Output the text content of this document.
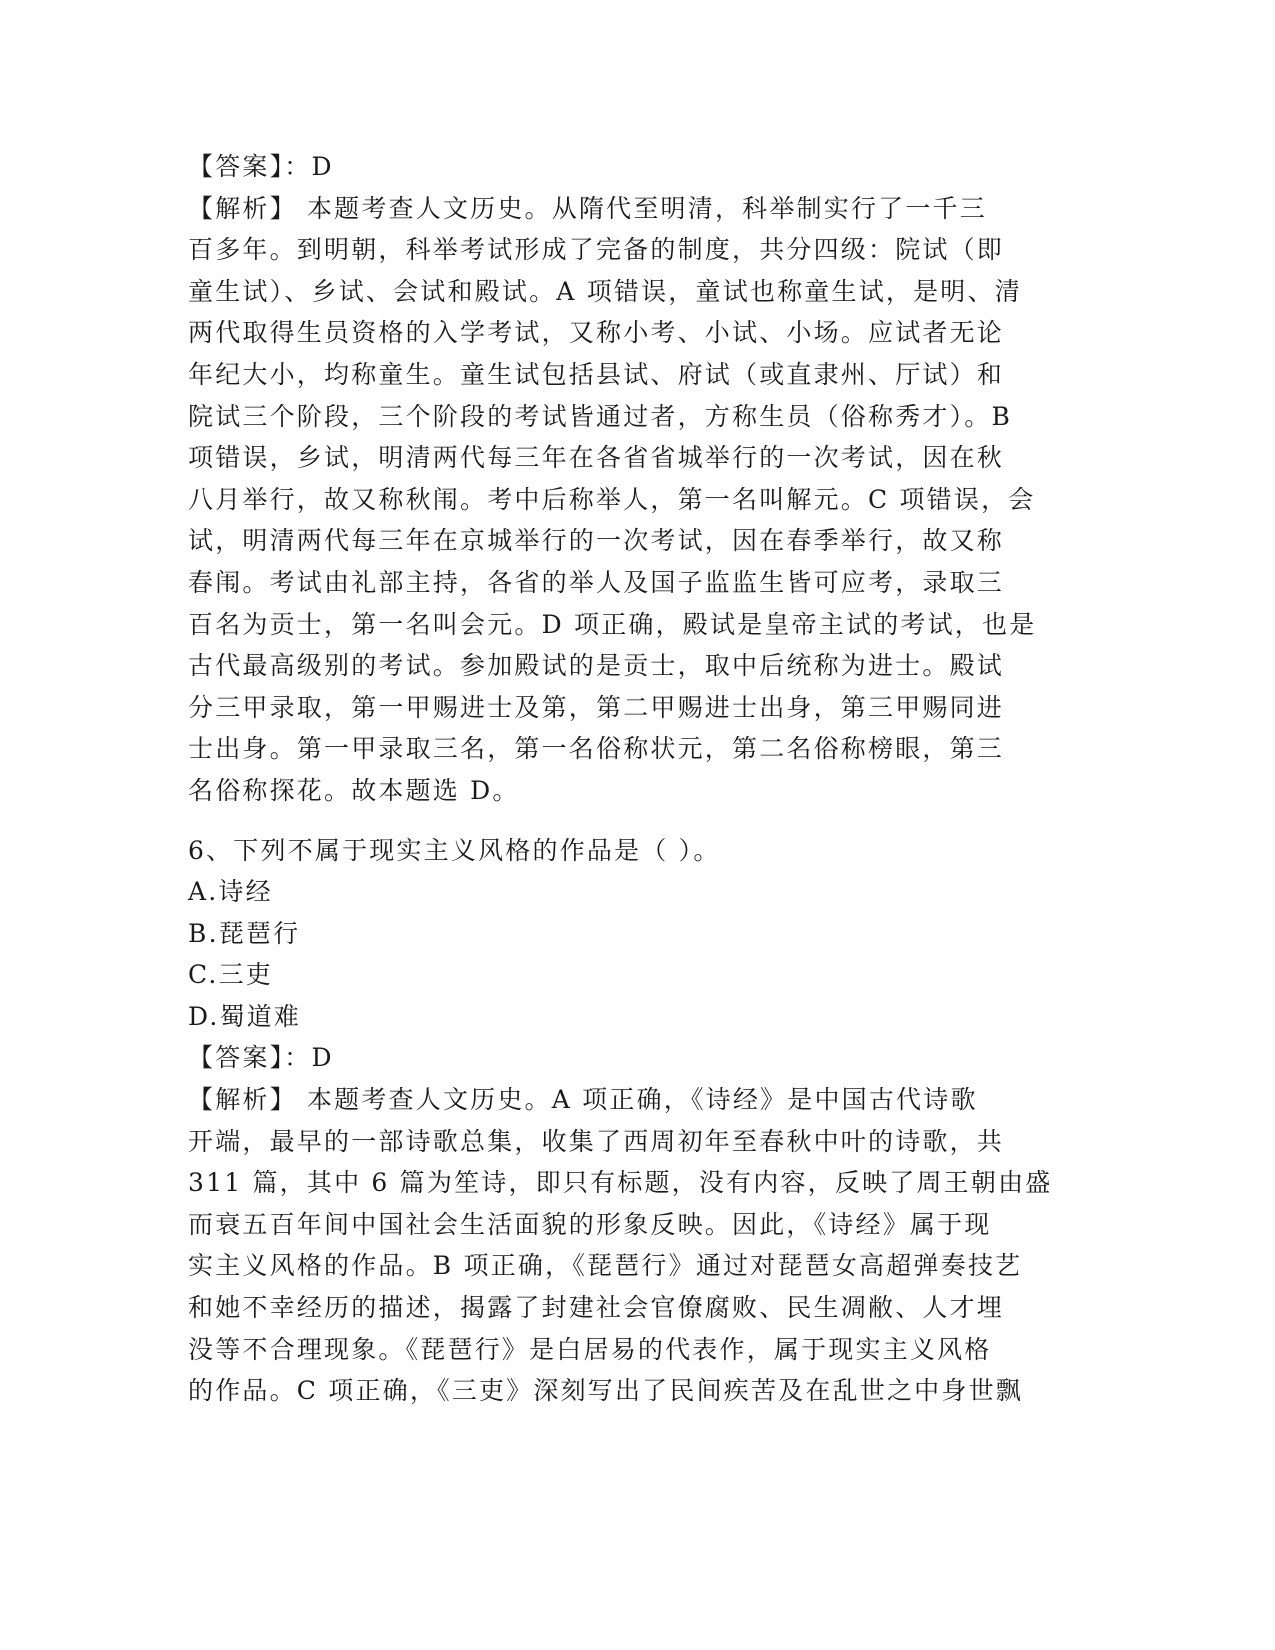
【答案】：D
【解析】 本题考查人文历史。从隋代至明清，科举制实行了一千三
百多年。到明朝，科举考试形成了完备的制度，共分四级：院试（即
童生试）、乡试、会试和殿试。A 项错误，童试也称童生试，是明、清
两代取得生员资格的入学考试，又称小考、小试、小场。应试者无论
年纪大小，均称童生。童生试包括县试、府试（或直隶州、厅试）和
院试三个阶段，三个阶段的考试皆通过者，方称生员（俗称秀才）。B
项错误，乡试，明清两代每三年在各省省城举行的一次考试，因在秋
八月举行，故又称秋闱。考中后称举人，第一名叫解元。C 项错误，会
试，明清两代每三年在京城举行的一次考试，因在春季举行，故又称
春闱。考试由礼部主持，各省的举人及国子监监生皆可应考，录取三
百名为贡士，第一名叫会元。D 项正确，殿试是皇帝主试的考试，也是
古代最高级别的考试。参加殿试的是贡士，取中后统称为进士。殿试
分三甲录取，第一甲赐进士及第，第二甲赐进士出身，第三甲赐同进
士出身。第一甲录取三名，第一名俗称状元，第二名俗称榜眼，第三
名俗称探花。故本题选 D。
6、下列不属于现实主义风格的作品是（ ）。
A.诗经
B.琵琶行
C.三吏
D.蜀道难
【答案】：D
【解析】 本题考查人文历史。A 项正确，《诗经》是中国古代诗歌
开端，最早的一部诗歌总集，收集了西周初年至春秋中叶的诗歌，共
311 篇，其中 6 篇为笙诗，即只有标题，没有内容，反映了周王朝由盛
而衰五百年间中国社会生活面貌的形象反映。因此，《诗经》属于现
实主义风格的作品。B 项正确，《琵琶行》通过对琵琶女高超弹奏技艺
和她不幸经历的描述，揭露了封建社会官僚腐败、民生凋敝、人才埋
没等不合理现象。《琵琶行》是白居易的代表作，属于现实主义风格
的作品。C 项正确，《三吏》深刻写出了民间疾苦及在乱世之中身世飘
